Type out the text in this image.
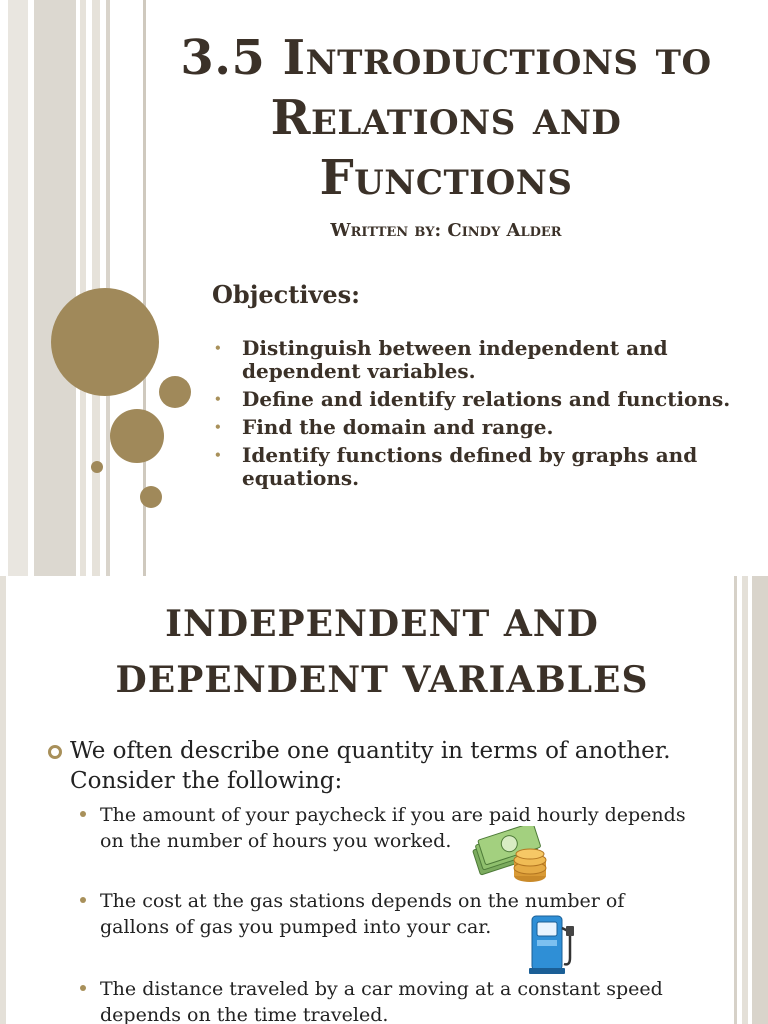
3.5 Introductions to Relations and Functions
Written by: Cindy Alder
Objectives:
• Distinguish between independent and dependent variables.
• Define and identify relations and functions.
• Find the domain and range.
• Identify functions defined by graphs and equations.
INDEPENDENT AND
DEPENDENT VARIABLES
We often describe one quantity in terms of another. Consider the following:
The amount of your paycheck if you are paid hourly depends on the number of hours you worked.
The cost at the gas stations depends on the number of gallons of gas you pumped into your car.
The distance traveled by a car moving at a constant speed depends on the time traveled.
